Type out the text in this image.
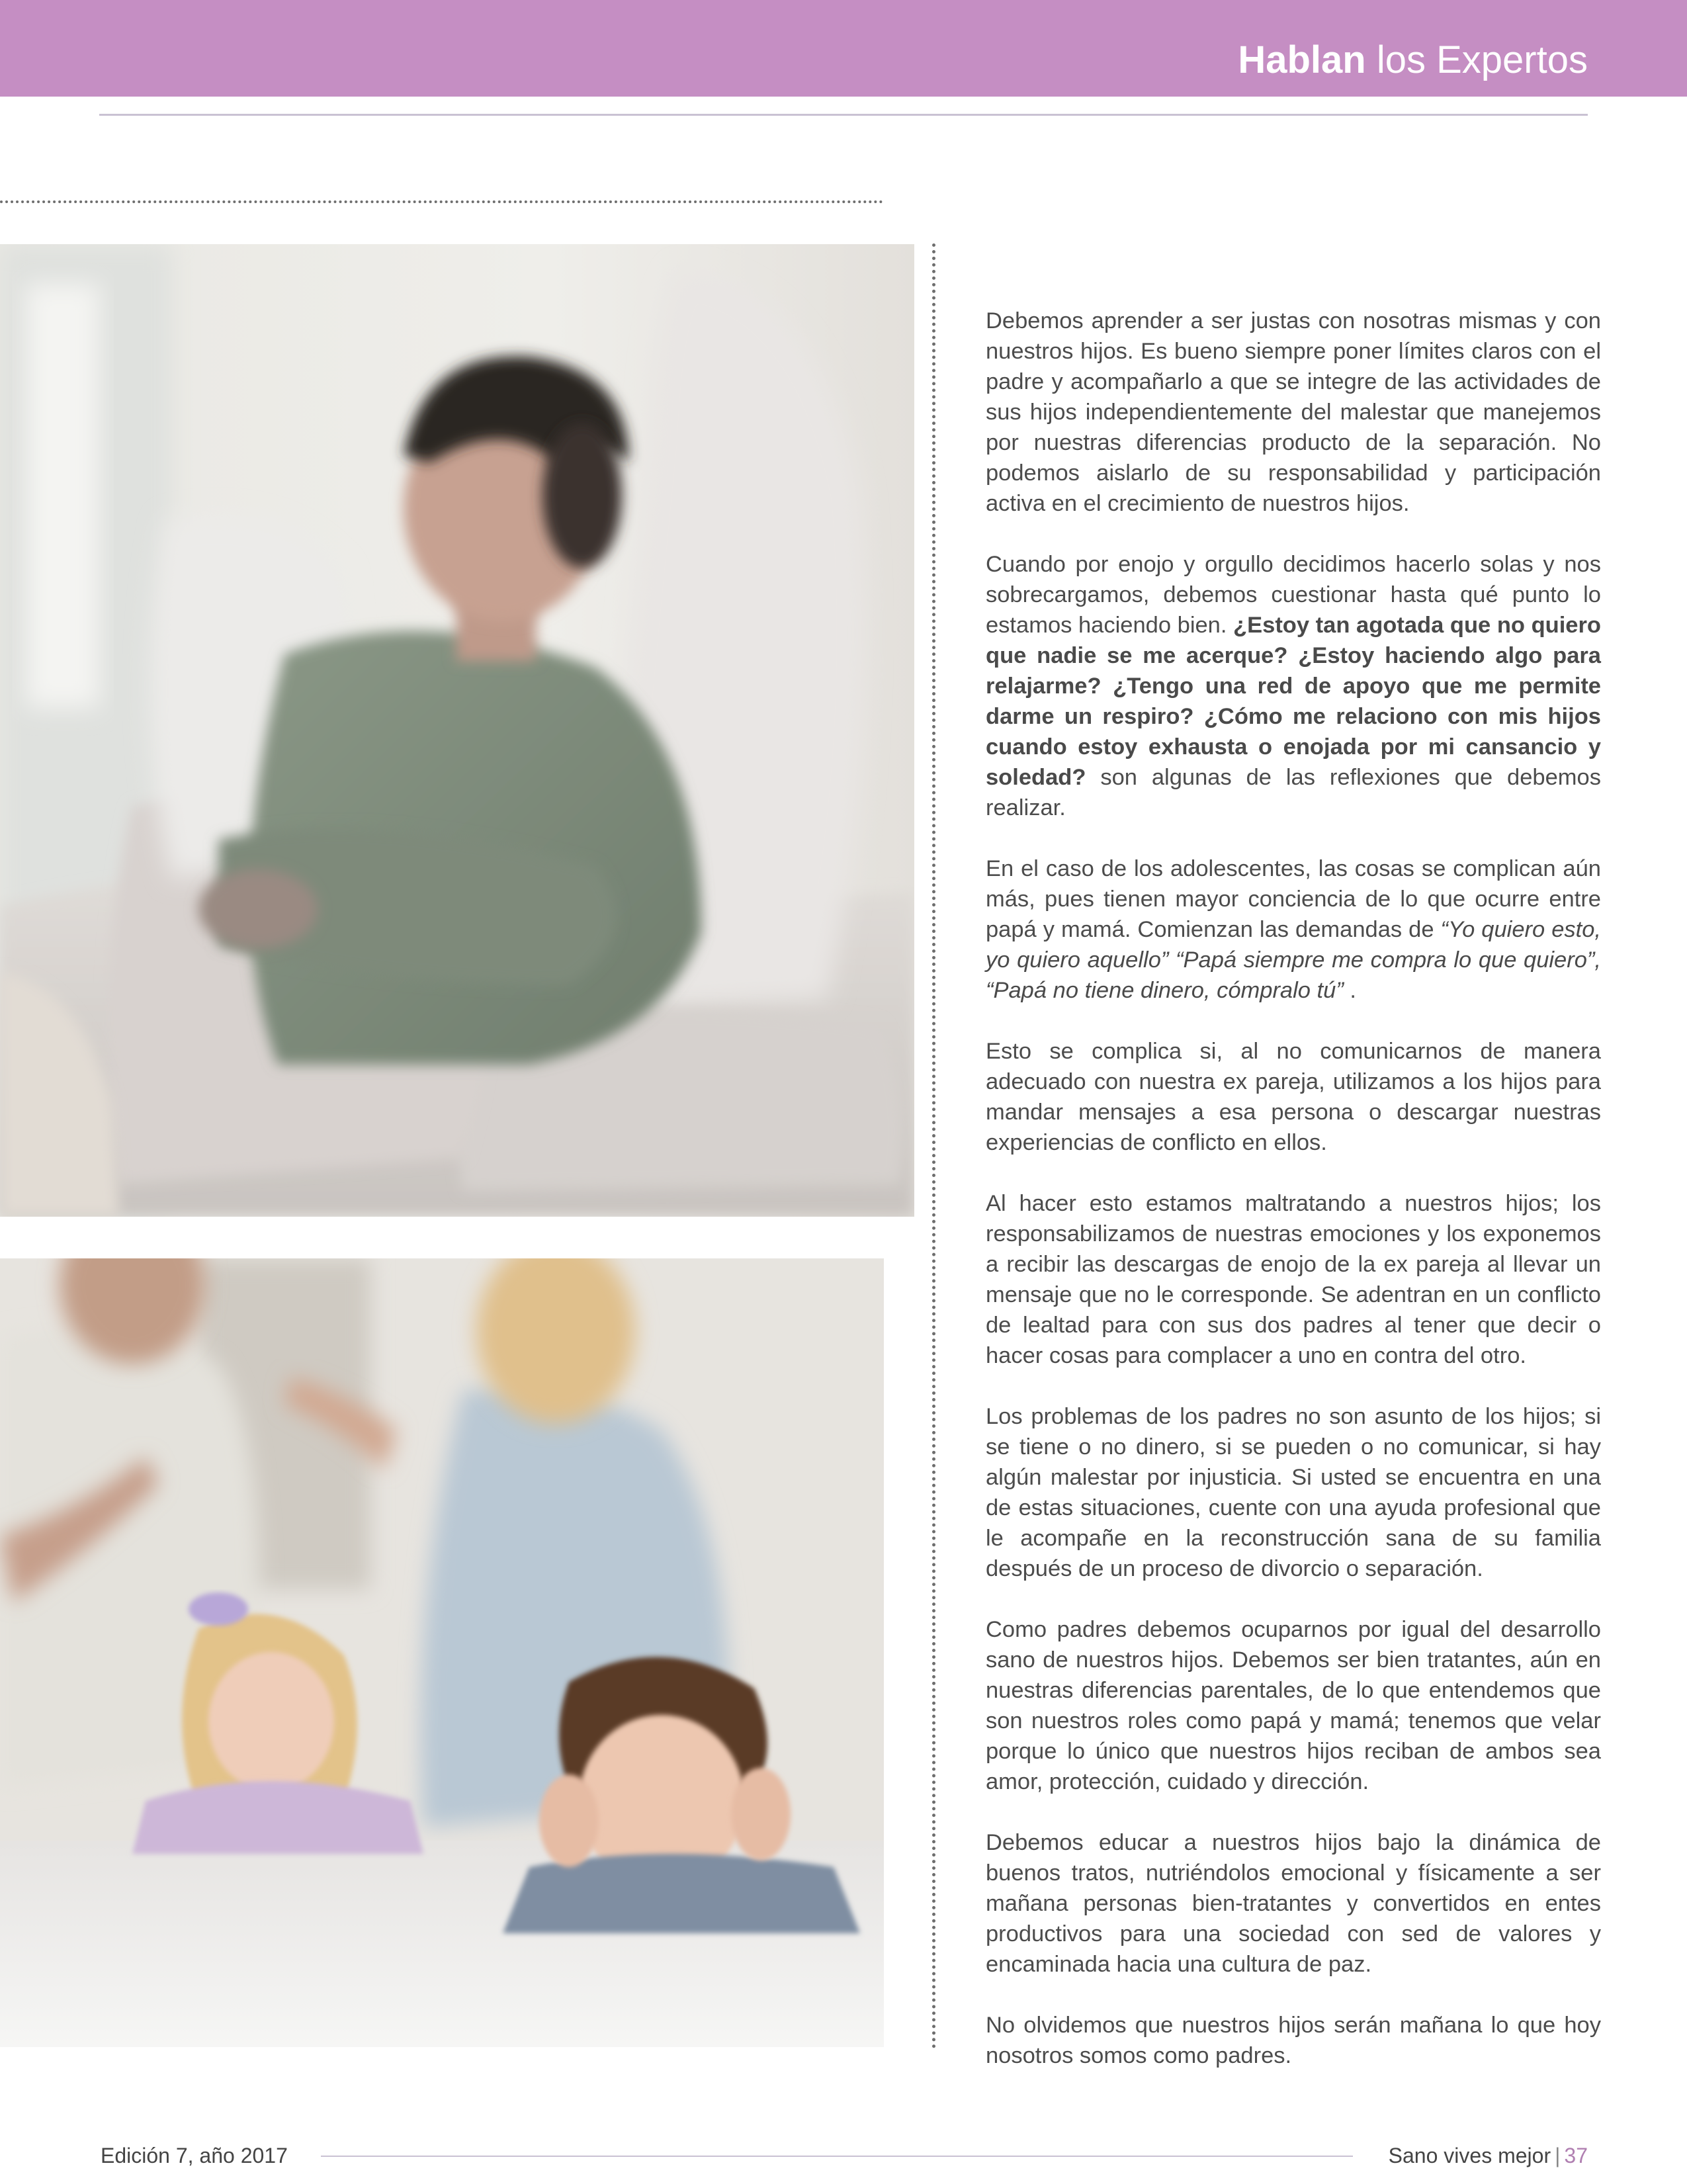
Hablan los Expertos

Debemos aprender a ser justas con nosotras mismas y con nuestros hijos. Es bueno siempre poner límites claros con el padre y acompañarlo a que se integre de las actividades de sus hijos independientemente del malestar que manejemos por nuestras diferencias producto de la separación. No podemos aislarlo de su responsabilidad y participación activa en el crecimiento de nuestros hijos.

Cuando por enojo y orgullo decidimos hacerlo solas y nos sobrecargamos, debemos cuestionar hasta qué punto lo estamos haciendo bien. ¿Estoy tan agotada que no quiero que nadie se me acerque? ¿Estoy haciendo algo para relajarme? ¿Tengo una red de apoyo que me permite darme un respiro? ¿Cómo me relaciono con mis hijos cuando estoy exhausta o enojada por mi cansancio y soledad? son algunas de las reflexiones que debemos realizar.

En el caso de los adolescentes, las cosas se complican aún más, pues tienen mayor conciencia de lo que ocurre entre papá y mamá. Comienzan las demandas de “Yo quiero esto, yo quiero aquello” “Papá siempre me compra lo que quiero”, “Papá no tiene dinero, cómpralo tú” .

Esto se complica si, al no comunicarnos de manera adecuado con nuestra ex pareja, utilizamos a los hijos para mandar mensajes a esa persona o descargar nuestras experiencias de conflicto en ellos.

Al hacer esto estamos maltratando a nuestros hijos; los responsabilizamos de nuestras emociones y los exponemos a recibir las descargas de enojo de la ex pareja al llevar un mensaje que no le corresponde. Se adentran en un conflicto de lealtad para con sus dos padres al tener que decir o hacer cosas para complacer a uno en contra del otro.

Los problemas de los padres no son asunto de los hijos; si se tiene o no dinero, si se pueden o no comunicar, si hay algún malestar por injusticia. Si usted se encuentra en una de estas situaciones, cuente con una ayuda profesional que le acompañe en la reconstrucción sana de su familia después de un proceso de divorcio o separación.

Como padres debemos ocuparnos por igual del desarrollo sano de nuestros hijos. Debemos ser bien tratantes, aún en nuestras diferencias parentales, de lo que entendemos que son nuestros roles como papá y mamá; tenemos que velar porque lo único que nuestros hijos reciban de ambos sea amor, protección, cuidado y dirección.

Debemos educar a nuestros hijos bajo la dinámica de buenos tratos, nutriéndolos emocional y físicamente a ser mañana personas bien-tratantes y convertidos en entes productivos para una sociedad con sed de valores y encaminada hacia una cultura de paz.

No olvidemos que nuestros hijos serán mañana lo que hoy nosotros somos como padres.

Edición 7, año 2017	Sano vives mejor | 37
